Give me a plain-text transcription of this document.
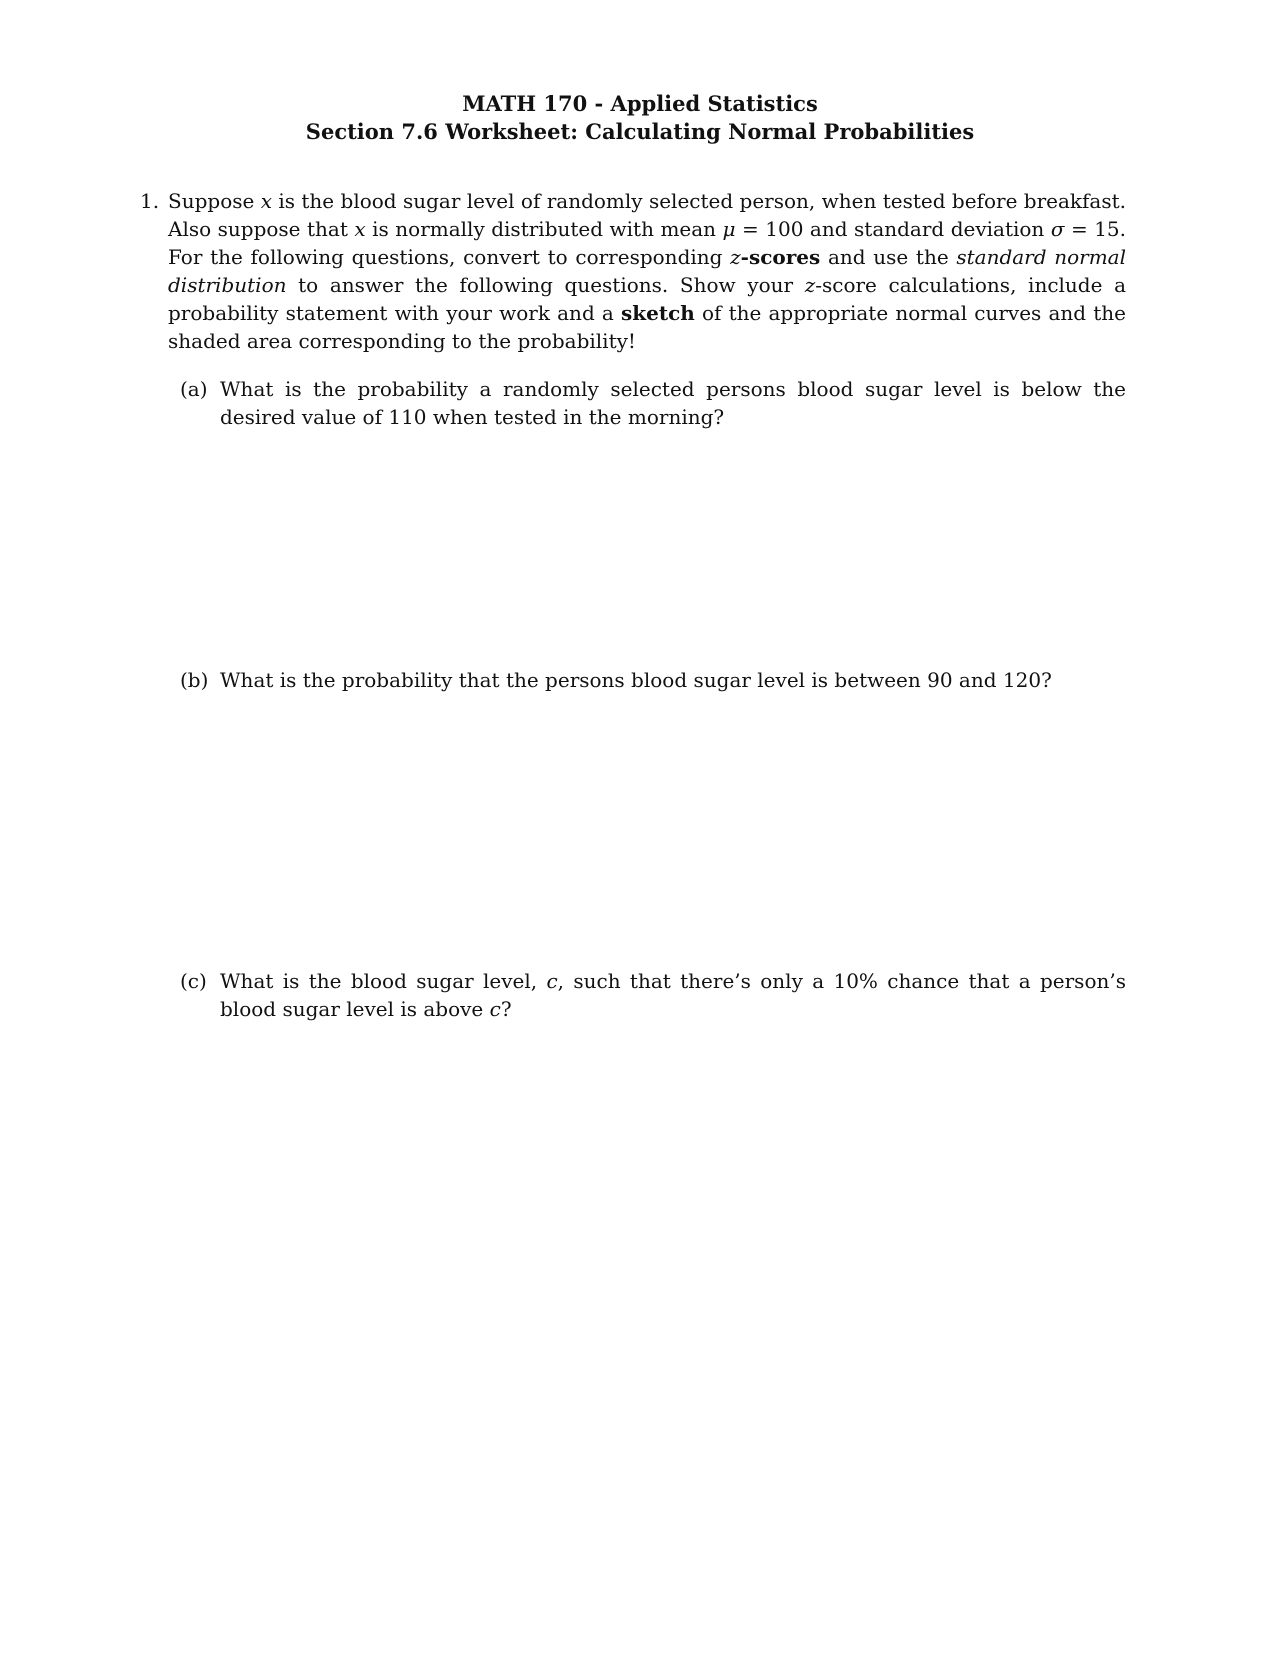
MATH 170 - Applied Statistics
Section 7.6 Worksheet: Calculating Normal Probabilities
1. Suppose x is the blood sugar level of randomly selected person, when tested before breakfast. Also suppose that x is normally distributed with mean μ = 100 and standard deviation σ = 15. For the following questions, convert to corresponding z-scores and use the standard normal distribution to answer the following questions. Show your z-score calculations, include a probability statement with your work and a sketch of the appropriate normal curves and the shaded area corresponding to the probability!
(a) What is the probability a randomly selected persons blood sugar level is below the desired value of 110 when tested in the morning?
(b) What is the probability that the persons blood sugar level is between 90 and 120?
(c) What is the blood sugar level, c, such that there’s only a 10% chance that a person’s blood sugar level is above c?
